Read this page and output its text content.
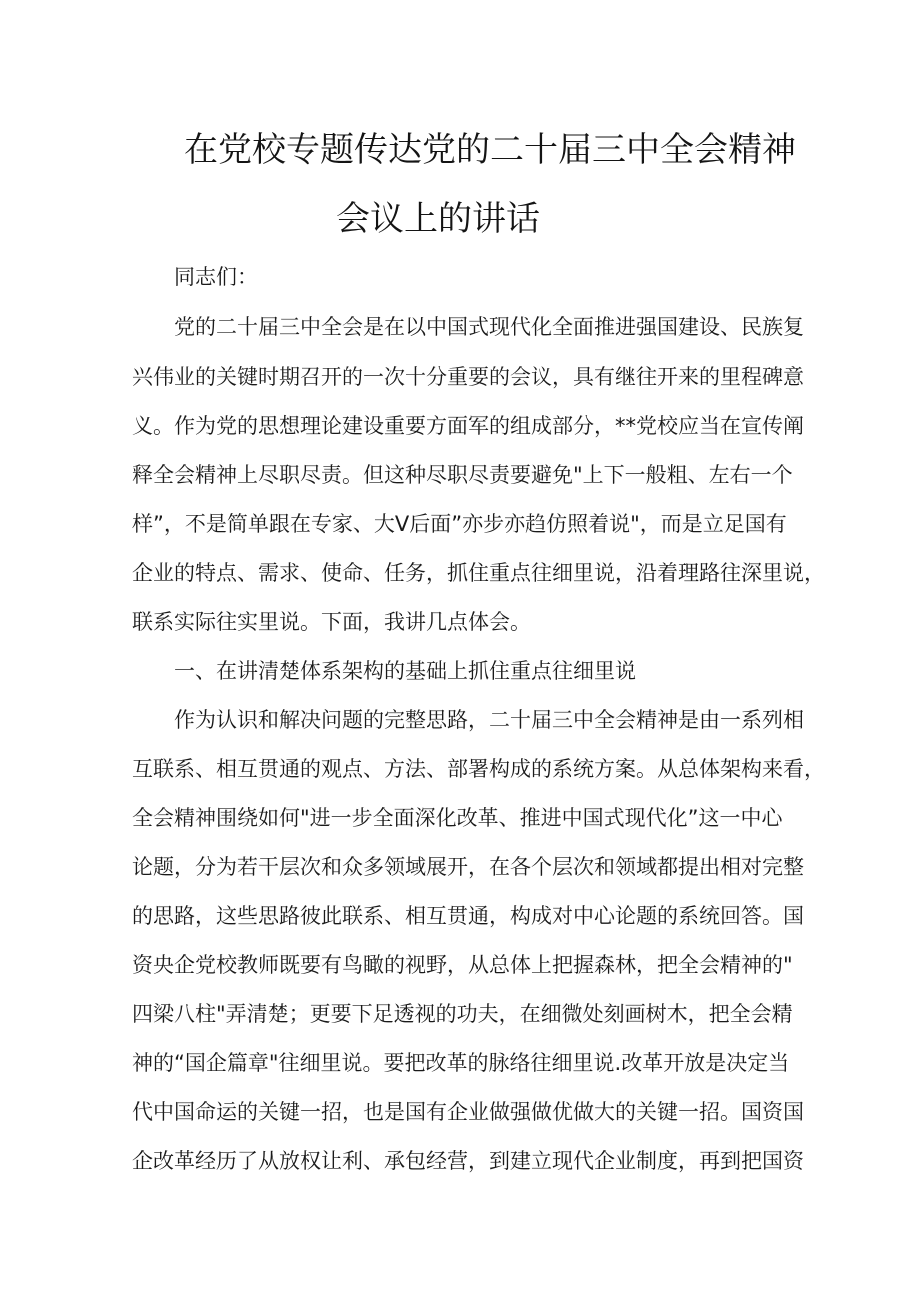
在党校专题传达党的二十届三中全会精神
会议上的讲话
同志们：
党的二十届三中全会是在以中国式现代化全面推进强国建设、民族复
兴伟业的关键时期召开的一次十分重要的会议，具有继往开来的里程碑意
义。作为党的思想理论建设重要方面军的组成部分，**党校应当在宣传阐
释全会精神上尽职尽责。但这种尽职尽责要避免"上下一般粗、左右一个
样”，不是简单跟在专家、大V后面”亦步亦趋仿照着说"，而是立足国有
企业的特点、需求、使命、任务，抓住重点往细里说，沿着理路往深里说，
联系实际往实里说。下面，我讲几点体会。
一、在讲清楚体系架构的基础上抓住重点往细里说
作为认识和解决问题的完整思路，二十届三中全会精神是由一系列相
互联系、相互贯通的观点、方法、部署构成的系统方案。从总体架构来看，
全会精神围绕如何"进一步全面深化改革、推进中国式现代化”这一中心
论题，分为若干层次和众多领域展开，在各个层次和领域都提出相对完整
的思路，这些思路彼此联系、相互贯通，构成对中心论题的系统回答。国
资央企党校教师既要有鸟瞰的视野，从总体上把握森林，把全会精神的"
四梁八柱"弄清楚；更要下足透视的功夫，在细微处刻画树木，把全会精
神的“国企篇章"往细里说。要把改革的脉络往细里说.改革开放是决定当
代中国命运的关键一招，也是国有企业做强做优做大的关键一招。国资国
企改革经历了从放权让利、承包经营，到建立现代企业制度，再到把国资
